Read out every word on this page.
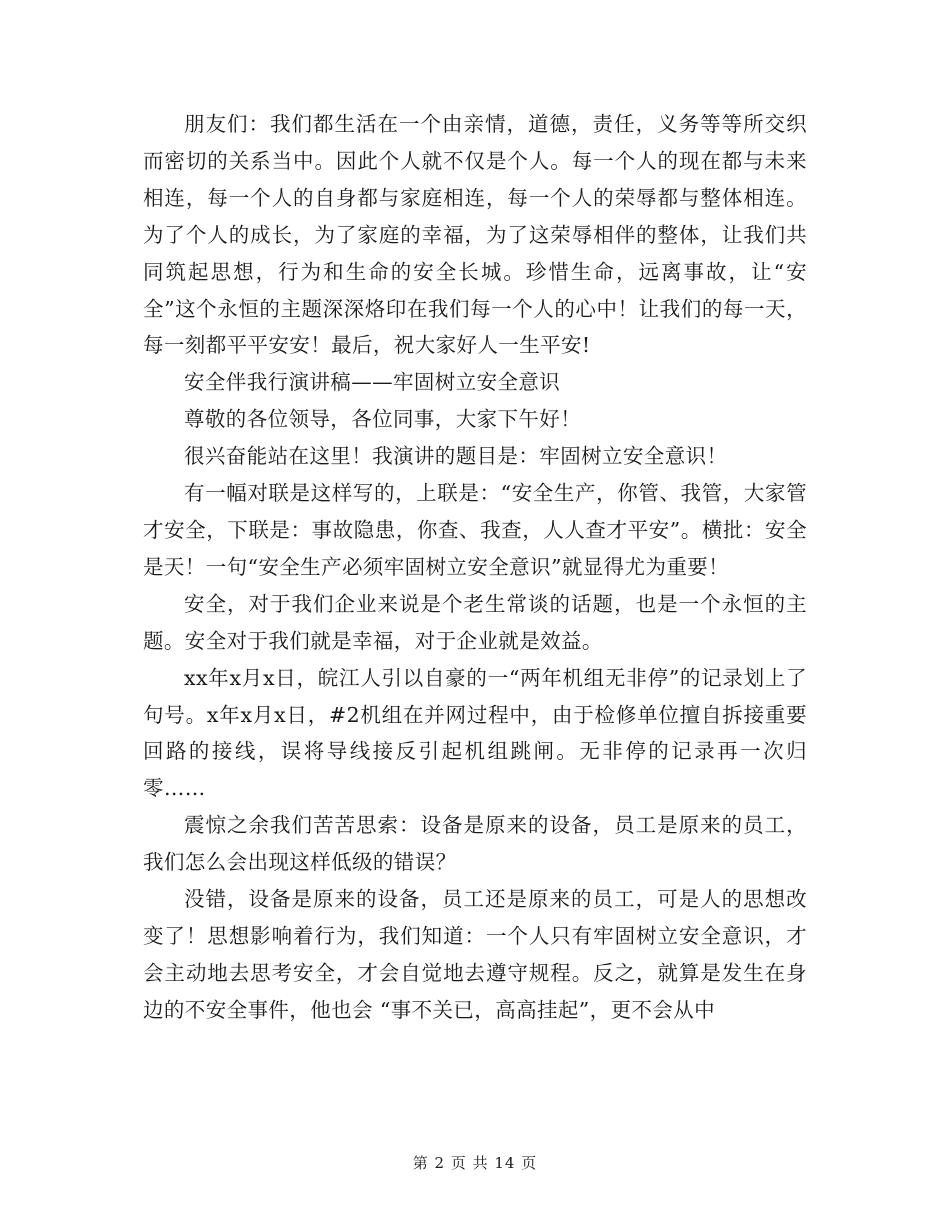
朋友们：我们都生活在一个由亲情，道德，责任，义务等等所交织而密切的关系当中。因此个人就不仅是个人。每一个人的现在都与未来相连，每一个人的自身都与家庭相连，每一个人的荣辱都与整体相连。为了个人的成长，为了家庭的幸福，为了这荣辱相伴的整体，让我们共同筑起思想，行为和生命的安全长城。珍惜生命，远离事故，让“安全”这个永恒的主题深深烙印在我们每一个人的心中！让我们的每一天，每一刻都平平安安！最后，祝大家好人一生平安!

安全伴我行演讲稿——牢固树立安全意识

尊敬的各位领导，各位同事，大家下午好！

很兴奋能站在这里！我演讲的题目是：牢固树立安全意识！

有一幅对联是这样写的，上联是：“安全生产，你管、我管，大家管才安全，下联是：事故隐患，你查、我查，人人查才平安”。横批：安全是天！一句“安全生产必须牢固树立安全意识”就显得尤为重要！

安全，对于我们企业来说是个老生常谈的话题，也是一个永恒的主题。安全对于我们就是幸福，对于企业就是效益。

xx年x月x日，皖江人引以自豪的一“两年机组无非停”的记录划上了句号。x年x月x日，#2机组在并网过程中，由于检修单位擅自拆接重要回路的接线，误将导线接反引起机组跳闸。无非停的记录再一次归零……

震惊之余我们苦苦思索：设备是原来的设备，员工是原来的员工，我们怎么会出现这样低级的错误？

没错，设备是原来的设备，员工还是原来的员工，可是人的思想改变了！思想影响着行为，我们知道：一个人只有牢固树立安全意识，才会主动地去思考安全，才会自觉地去遵守规程。反之，就算是发生在身边的不安全事件，他也会 “事不关已，高高挂起”，更不会从中

第 2 页 共 14 页
